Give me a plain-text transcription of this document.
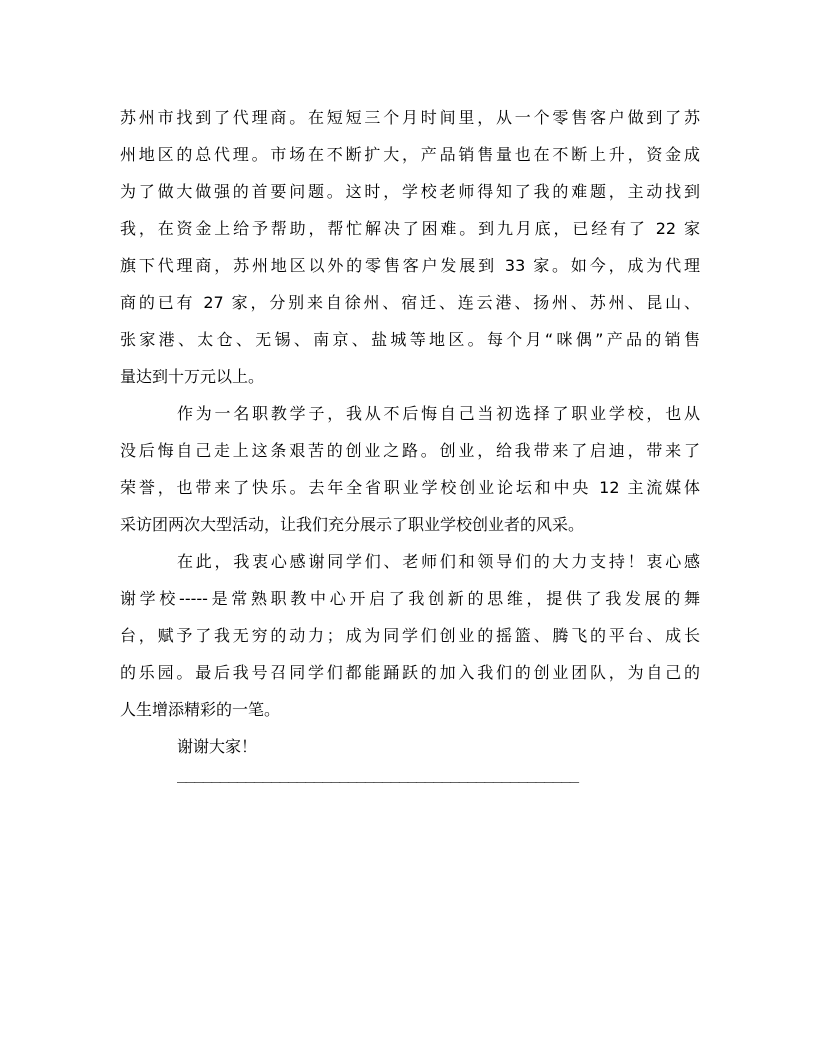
苏州市找到了代理商。在短短三个月时间里，从一个零售客户做到了苏
州地区的总代理。市场在不断扩大，产品销售量也在不断上升，资金成
为了做大做强的首要问题。这时，学校老师得知了我的难题，主动找到
我，在资金上给予帮助，帮忙解决了困难。到九月底，已经有了 22 家
旗下代理商，苏州地区以外的零售客户发展到 33 家。如今，成为代理
商的已有 27 家，分别来自徐州、宿迁、连云港、扬州、苏州、昆山、
张家港、太仓、无锡、南京、盐城等地区。每个月“咪偶”产品的销售
量达到十万元以上。
作为一名职教学子，我从不后悔自己当初选择了职业学校，也从
没后悔自己走上这条艰苦的创业之路。创业，给我带来了启迪，带来了
荣誉，也带来了快乐。去年全省职业学校创业论坛和中央 12 主流媒体
采访团两次大型活动，让我们充分展示了职业学校创业者的风采。
在此，我衷心感谢同学们、老师们和领导们的大力支持！衷心感
谢学校-----是常熟职教中心开启了我创新的思维，提供了我发展的舞
台，赋予了我无穷的动力；成为同学们创业的摇篮、腾飞的平台、成长
的乐园。最后我号召同学们都能踊跃的加入我们的创业团队，为自己的
人生增添精彩的一笔。
谢谢大家！
_______________________________________________
